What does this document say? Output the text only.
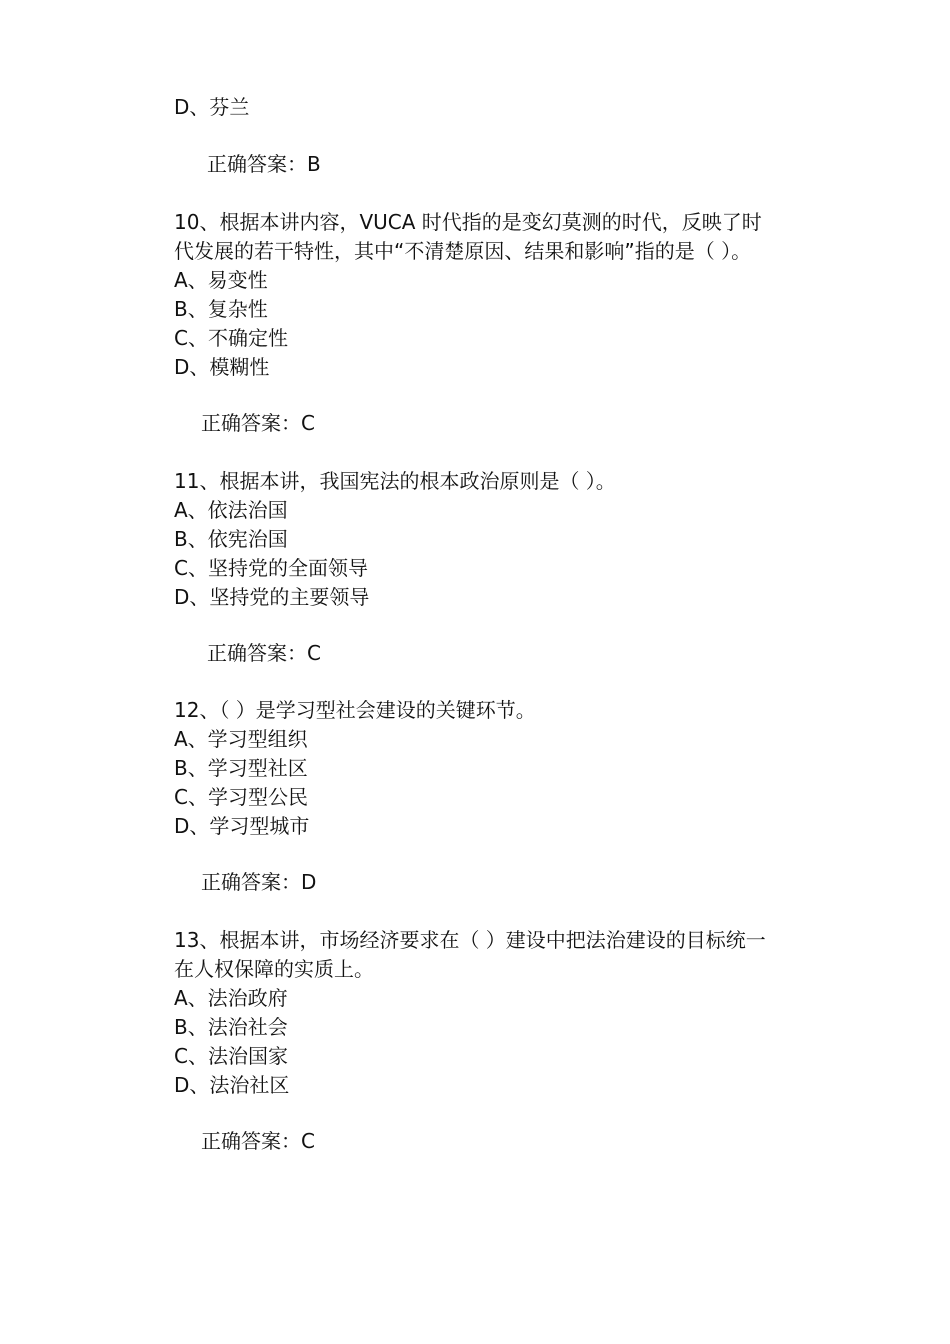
D、芬兰
正确答案：B
10、根据本讲内容，VUCA 时代指的是变幻莫测的时代，反映了时
代发展的若干特性，其中“不清楚原因、结果和影响”指的是（ ）。
A、易变性
B、复杂性
C、不确定性
D、模糊性
正确答案：C
11、根据本讲，我国宪法的根本政治原则是（ ）。
A、依法治国
B、依宪治国
C、坚持党的全面领导
D、坚持党的主要领导
正确答案：C
12、（ ）是学习型社会建设的关键环节。
A、学习型组织
B、学习型社区
C、学习型公民
D、学习型城市
正确答案：D
13、根据本讲，市场经济要求在（ ）建设中把法治建设的目标统一
在人权保障的实质上。
A、法治政府
B、法治社会
C、法治国家
D、法治社区
正确答案：C
